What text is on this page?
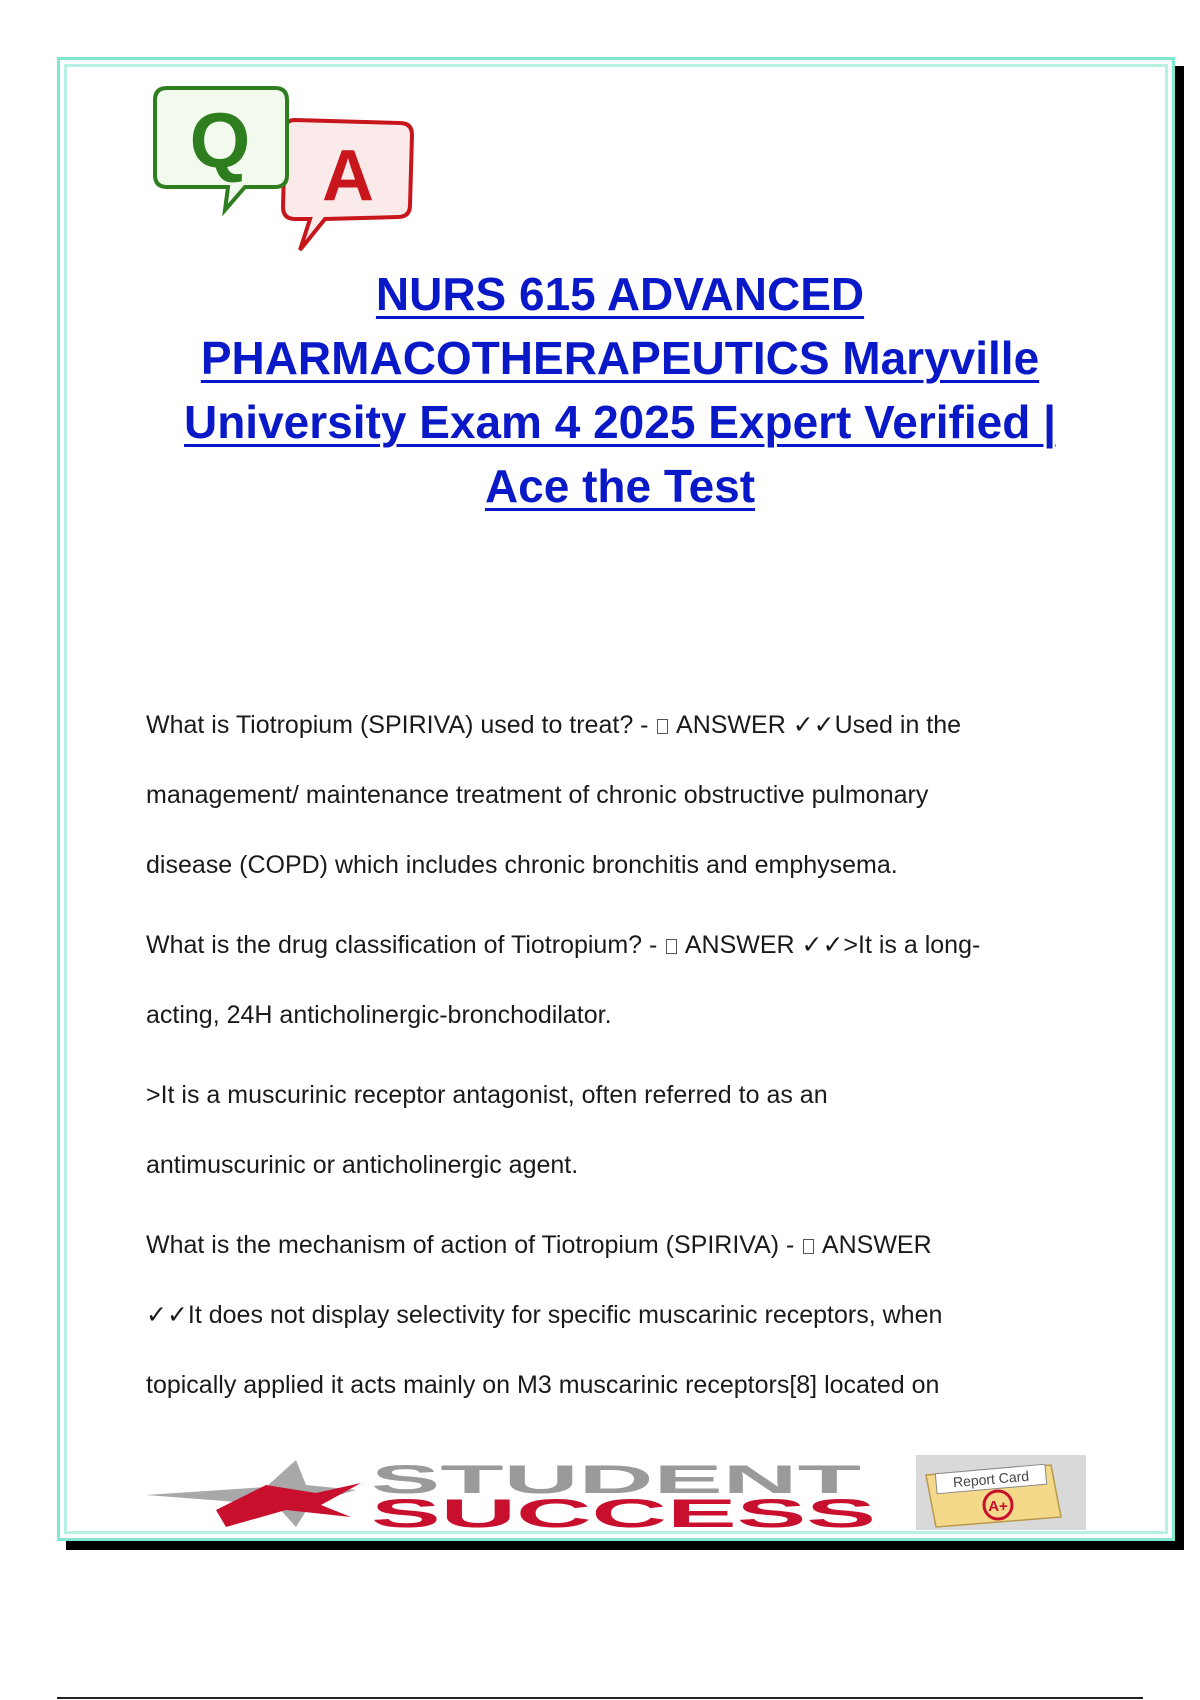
A
Q
NURS 615 ADVANCED
PHARMACOTHERAPEUTICS Maryville
University Exam 4 2025 Expert Verified |
Ace the Test

What is Tiotropium (SPIRIVA) used to treat? - ANSWER ✓✓Used in the
management/ maintenance treatment of chronic obstructive pulmonary
disease (COPD) which includes chronic bronchitis and emphysema.

What is the drug classification of Tiotropium? - ANSWER ✓✓>It is a long-
acting, 24H anticholinergic-bronchodilator.

>It is a muscurinic receptor antagonist, often referred to as an
antimuscurinic or anticholinergic agent.

What is the mechanism of action of Tiotropium (SPIRIVA) - ANSWER
✓✓It does not display selectivity for specific muscarinic receptors, when
topically applied it acts mainly on M3 muscarinic receptors[8] located on

STUDENT
SUCCESS
Report Card
A+
